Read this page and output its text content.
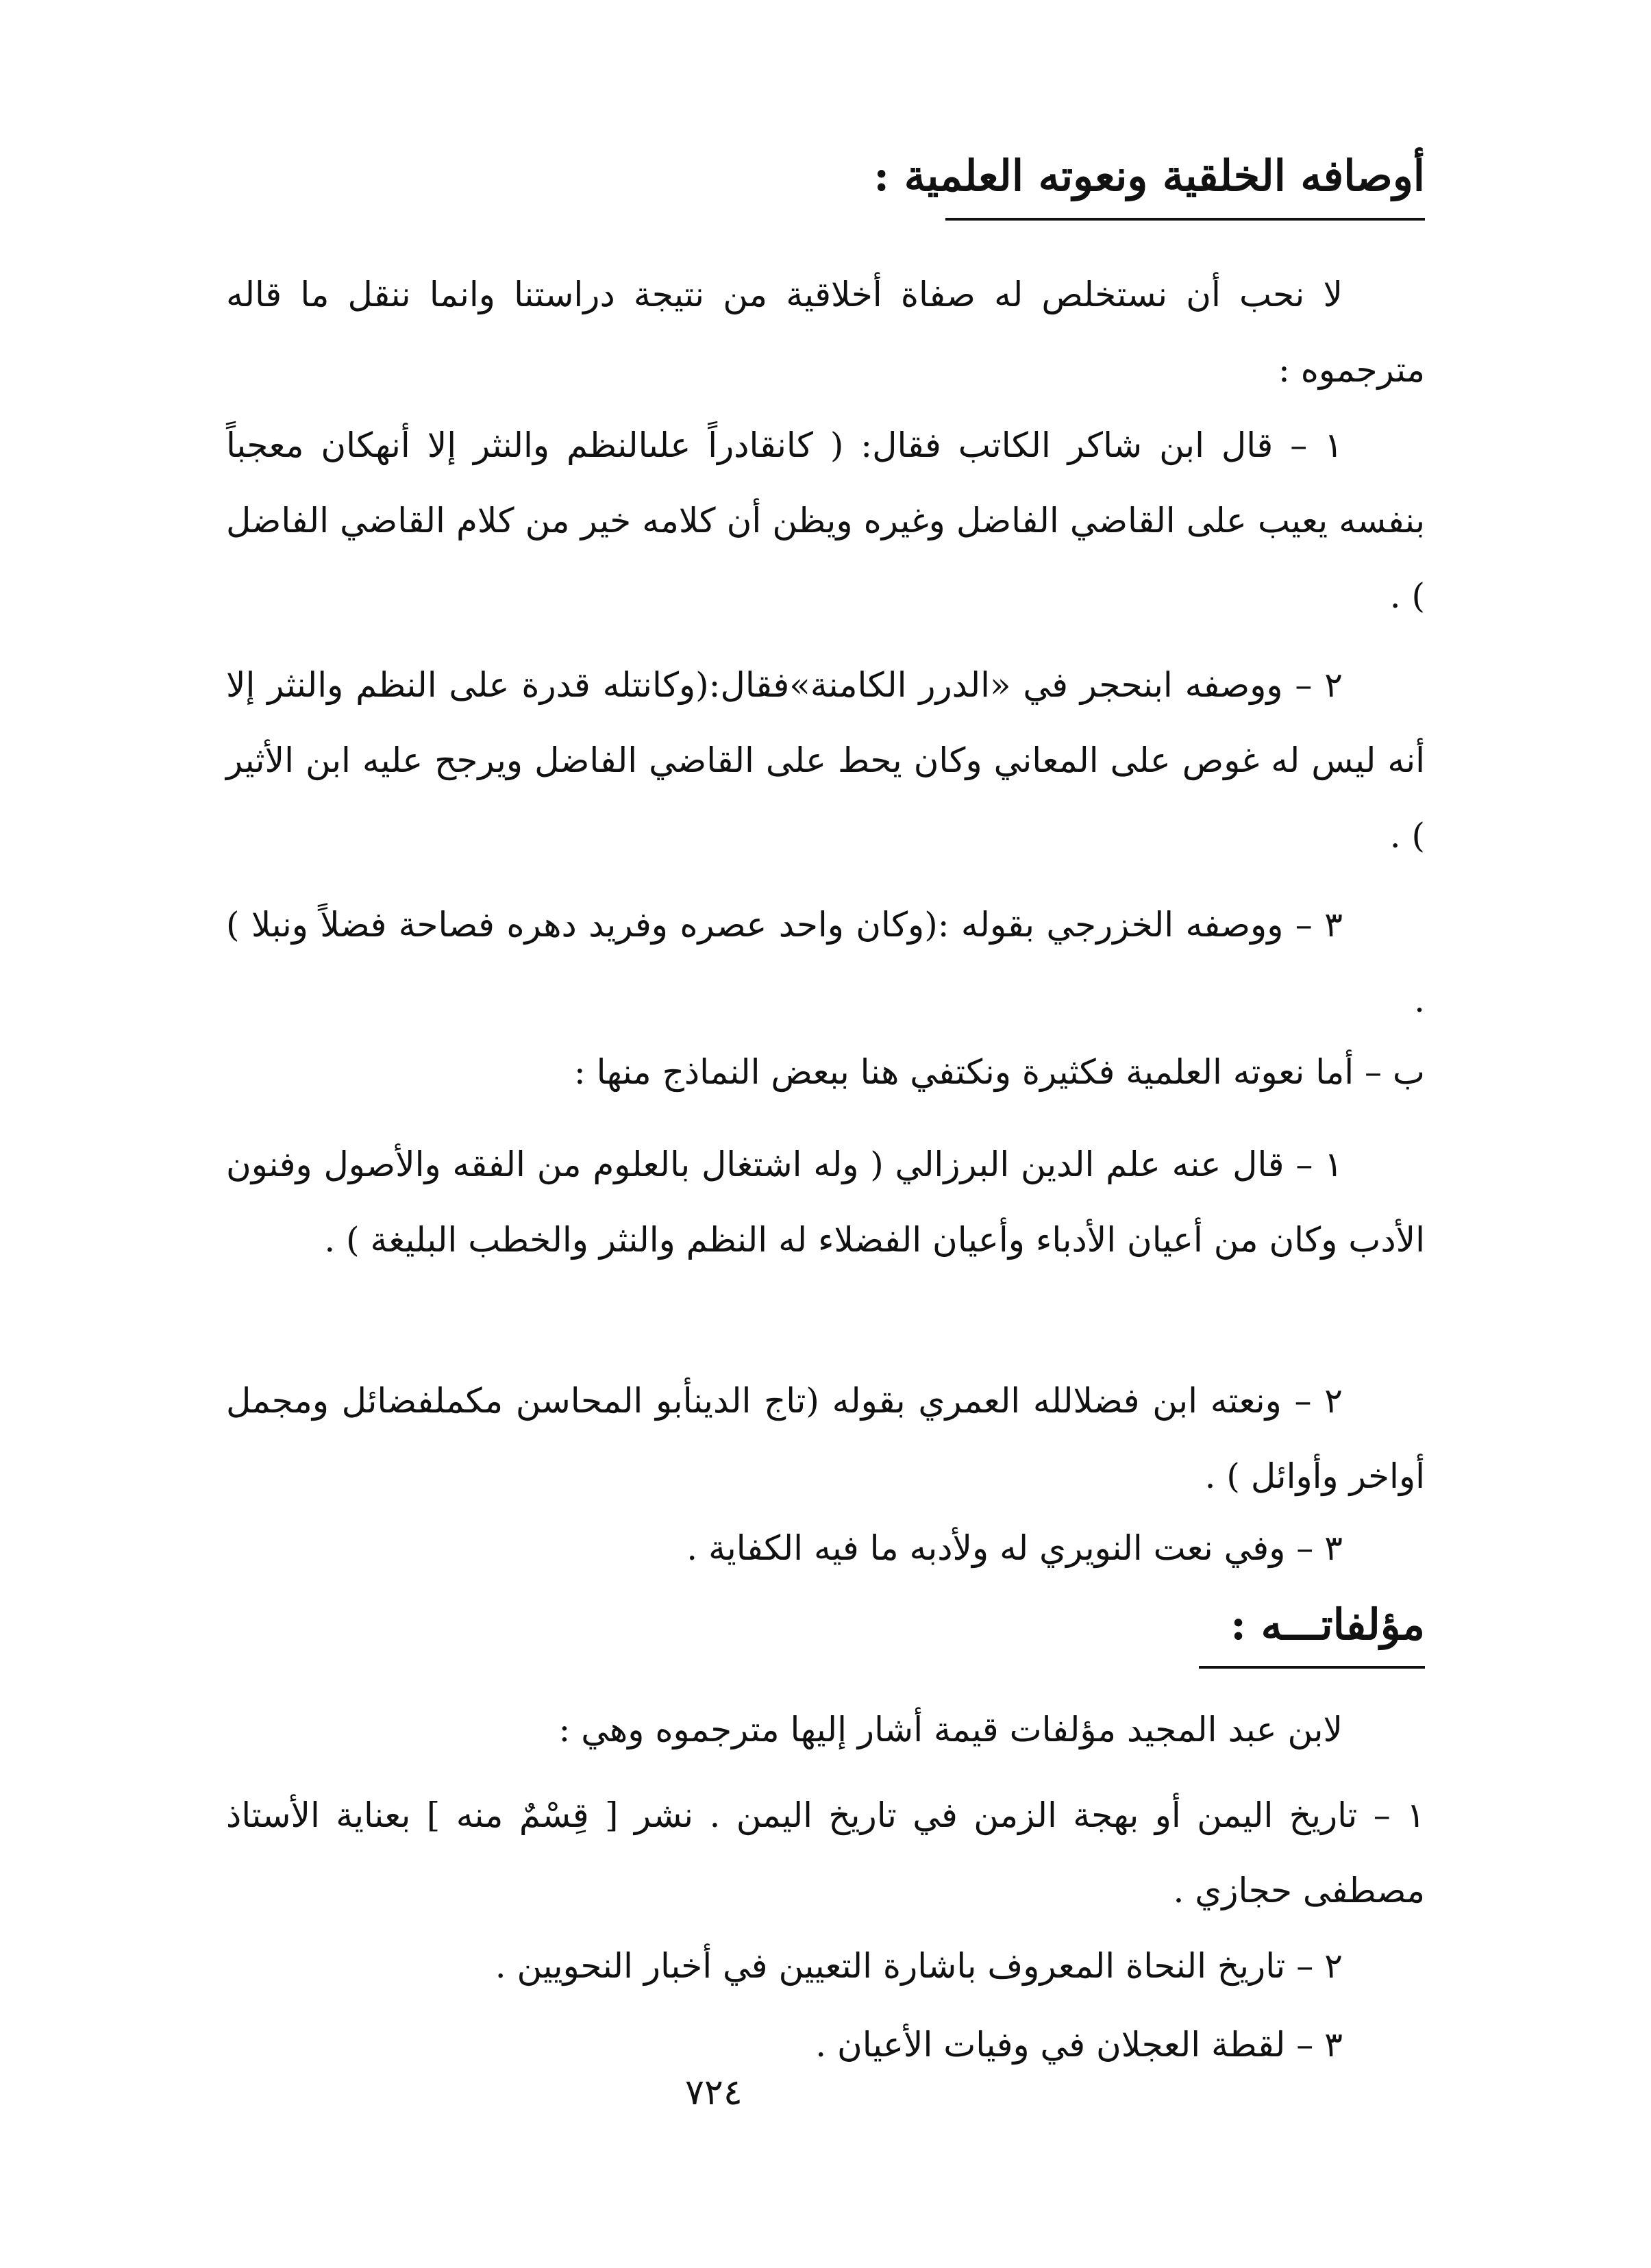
أوصافه الخلقية ونعوته العلمية :

لا نحب أن نستخلص له صفاة أخلاقية من نتيجة دراستنا وانما ننقل ما قاله مترجموه :

١ – قال ابن شاكر الكاتب فقال: ( كانقادراً علىالنظم والنثر إلا أنهكان معجباً بنفسه يعيب على القاضي الفاضل وغيره ويظن أن كلامه خير من كلام القاضي الفاضل ) .

٢ – ووصفه ابنحجر في «الدرر الكامنة»فقال:(وكانتله قدرة على النظم والنثر إلا أنه ليس له غوص على المعاني وكان يحط على القاضي الفاضل ويرجح عليه ابن الأثير ) .

٣ – ووصفه الخزرجي بقوله :(وكان واحد عصره وفريد دهره فصاحة فضلاً ونبلا ) .

ب – أما نعوته العلمية فكثيرة ونكتفي هنا ببعض النماذج منها :

١ – قال عنه علم الدين البرزالي ( وله اشتغال بالعلوم من الفقه والأصول وفنون الأدب وكان من أعيان الأدباء وأعيان الفضلاء له النظم والنثر والخطب البليغة ) .

٢ – ونعته ابن فضلالله العمري بقوله (تاج الدينأبو المحاسن مكملفضائل ومجمل أواخر وأوائل ) .

٣ – وفي نعت النويري له ولأدبه ما فيه الكفاية .

مؤلفاتـــه :

لابن عبد المجيد مؤلفات قيمة أشار إليها مترجموه وهي :

١ – تاريخ اليمن أو بهجة الزمن في تاريخ اليمن . نشر [ قِسْمٌ منه ] بعناية الأستاذ مصطفى حجازي .

٢ – تاريخ النحاة المعروف باشارة التعيين في أخبار النحويين .

٣ – لقطة العجلان في وفيات الأعيان .

٧٢٤
